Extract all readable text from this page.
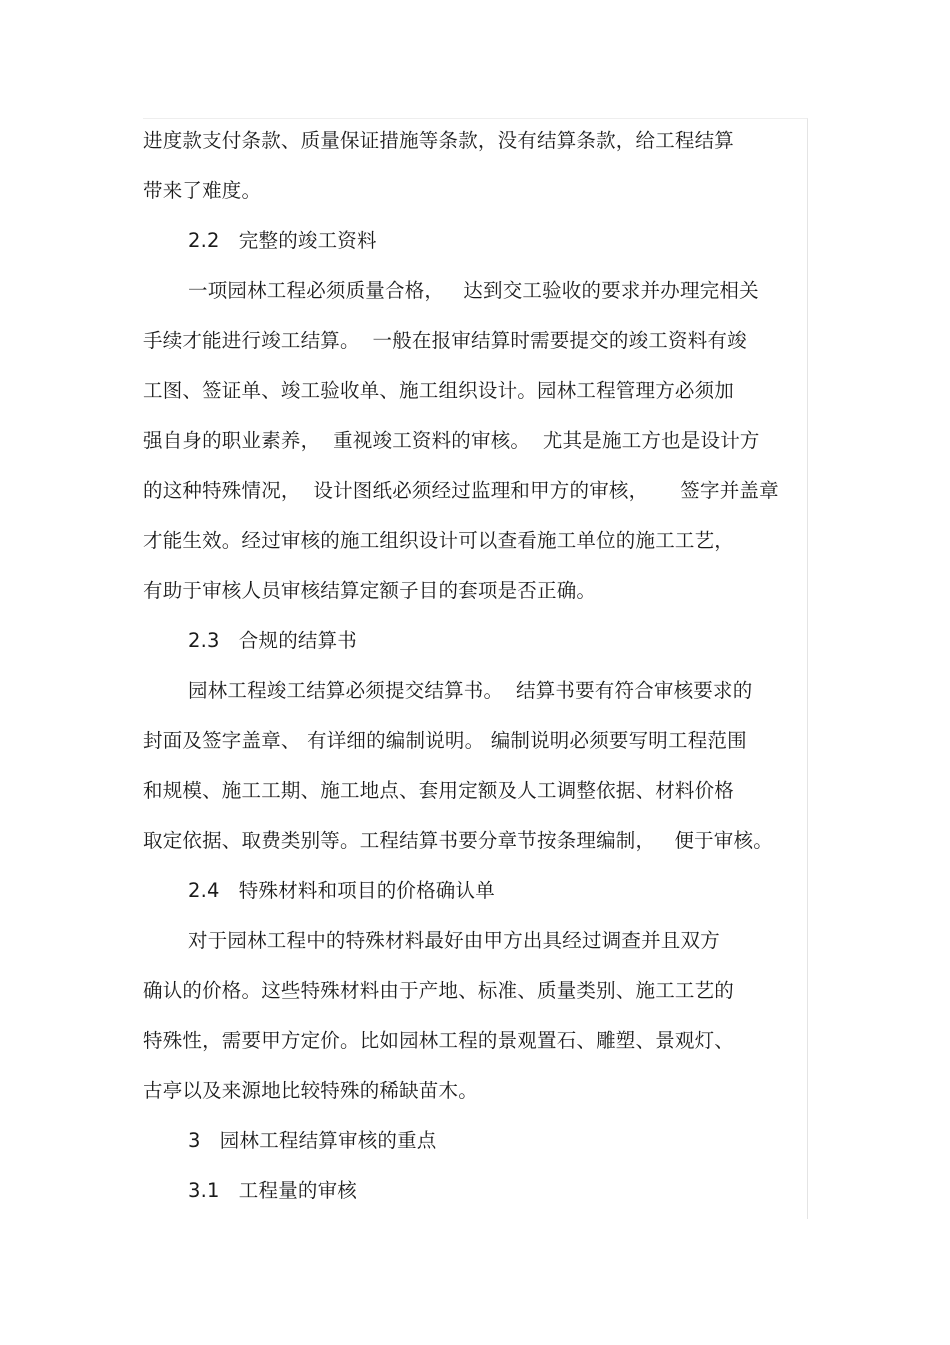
进度款支付条款、质量保证措施等条款，没有结算条款，给工程结算
带来了难度。
2.2   完整的竣工资料
一项园林工程必须质量合格，   达到交工验收的要求并办理完相关
手续才能进行竣工结算。  一般在报审结算时需要提交的竣工资料有竣
工图、签证单、竣工验收单、施工组织设计。园林工程管理方必须加
强自身的职业素养，  重视竣工资料的审核。  尤其是施工方也是设计方
的这种特殊情况，  设计图纸必须经过监理和甲方的审核，     签字并盖章
才能生效。经过审核的施工组织设计可以查看施工单位的施工工艺，
有助于审核人员审核结算定额子目的套项是否正确。
2.3   合规的结算书
园林工程竣工结算必须提交结算书。  结算书要有符合审核要求的
封面及签字盖章、 有详细的编制说明。 编制说明必须要写明工程范围
和规模、施工工期、施工地点、套用定额及人工调整依据、材料价格
取定依据、取费类别等。工程结算书要分章节按条理编制，   便于审核。
2.4   特殊材料和项目的价格确认单
对于园林工程中的特殊材料最好由甲方出具经过调查并且双方
确认的价格。这些特殊材料由于产地、标准、质量类别、施工工艺的
特殊性，需要甲方定价。比如园林工程的景观置石、雕塑、景观灯、
古亭以及来源地比较特殊的稀缺苗木。
3   园林工程结算审核的重点
3.1   工程量的审核
